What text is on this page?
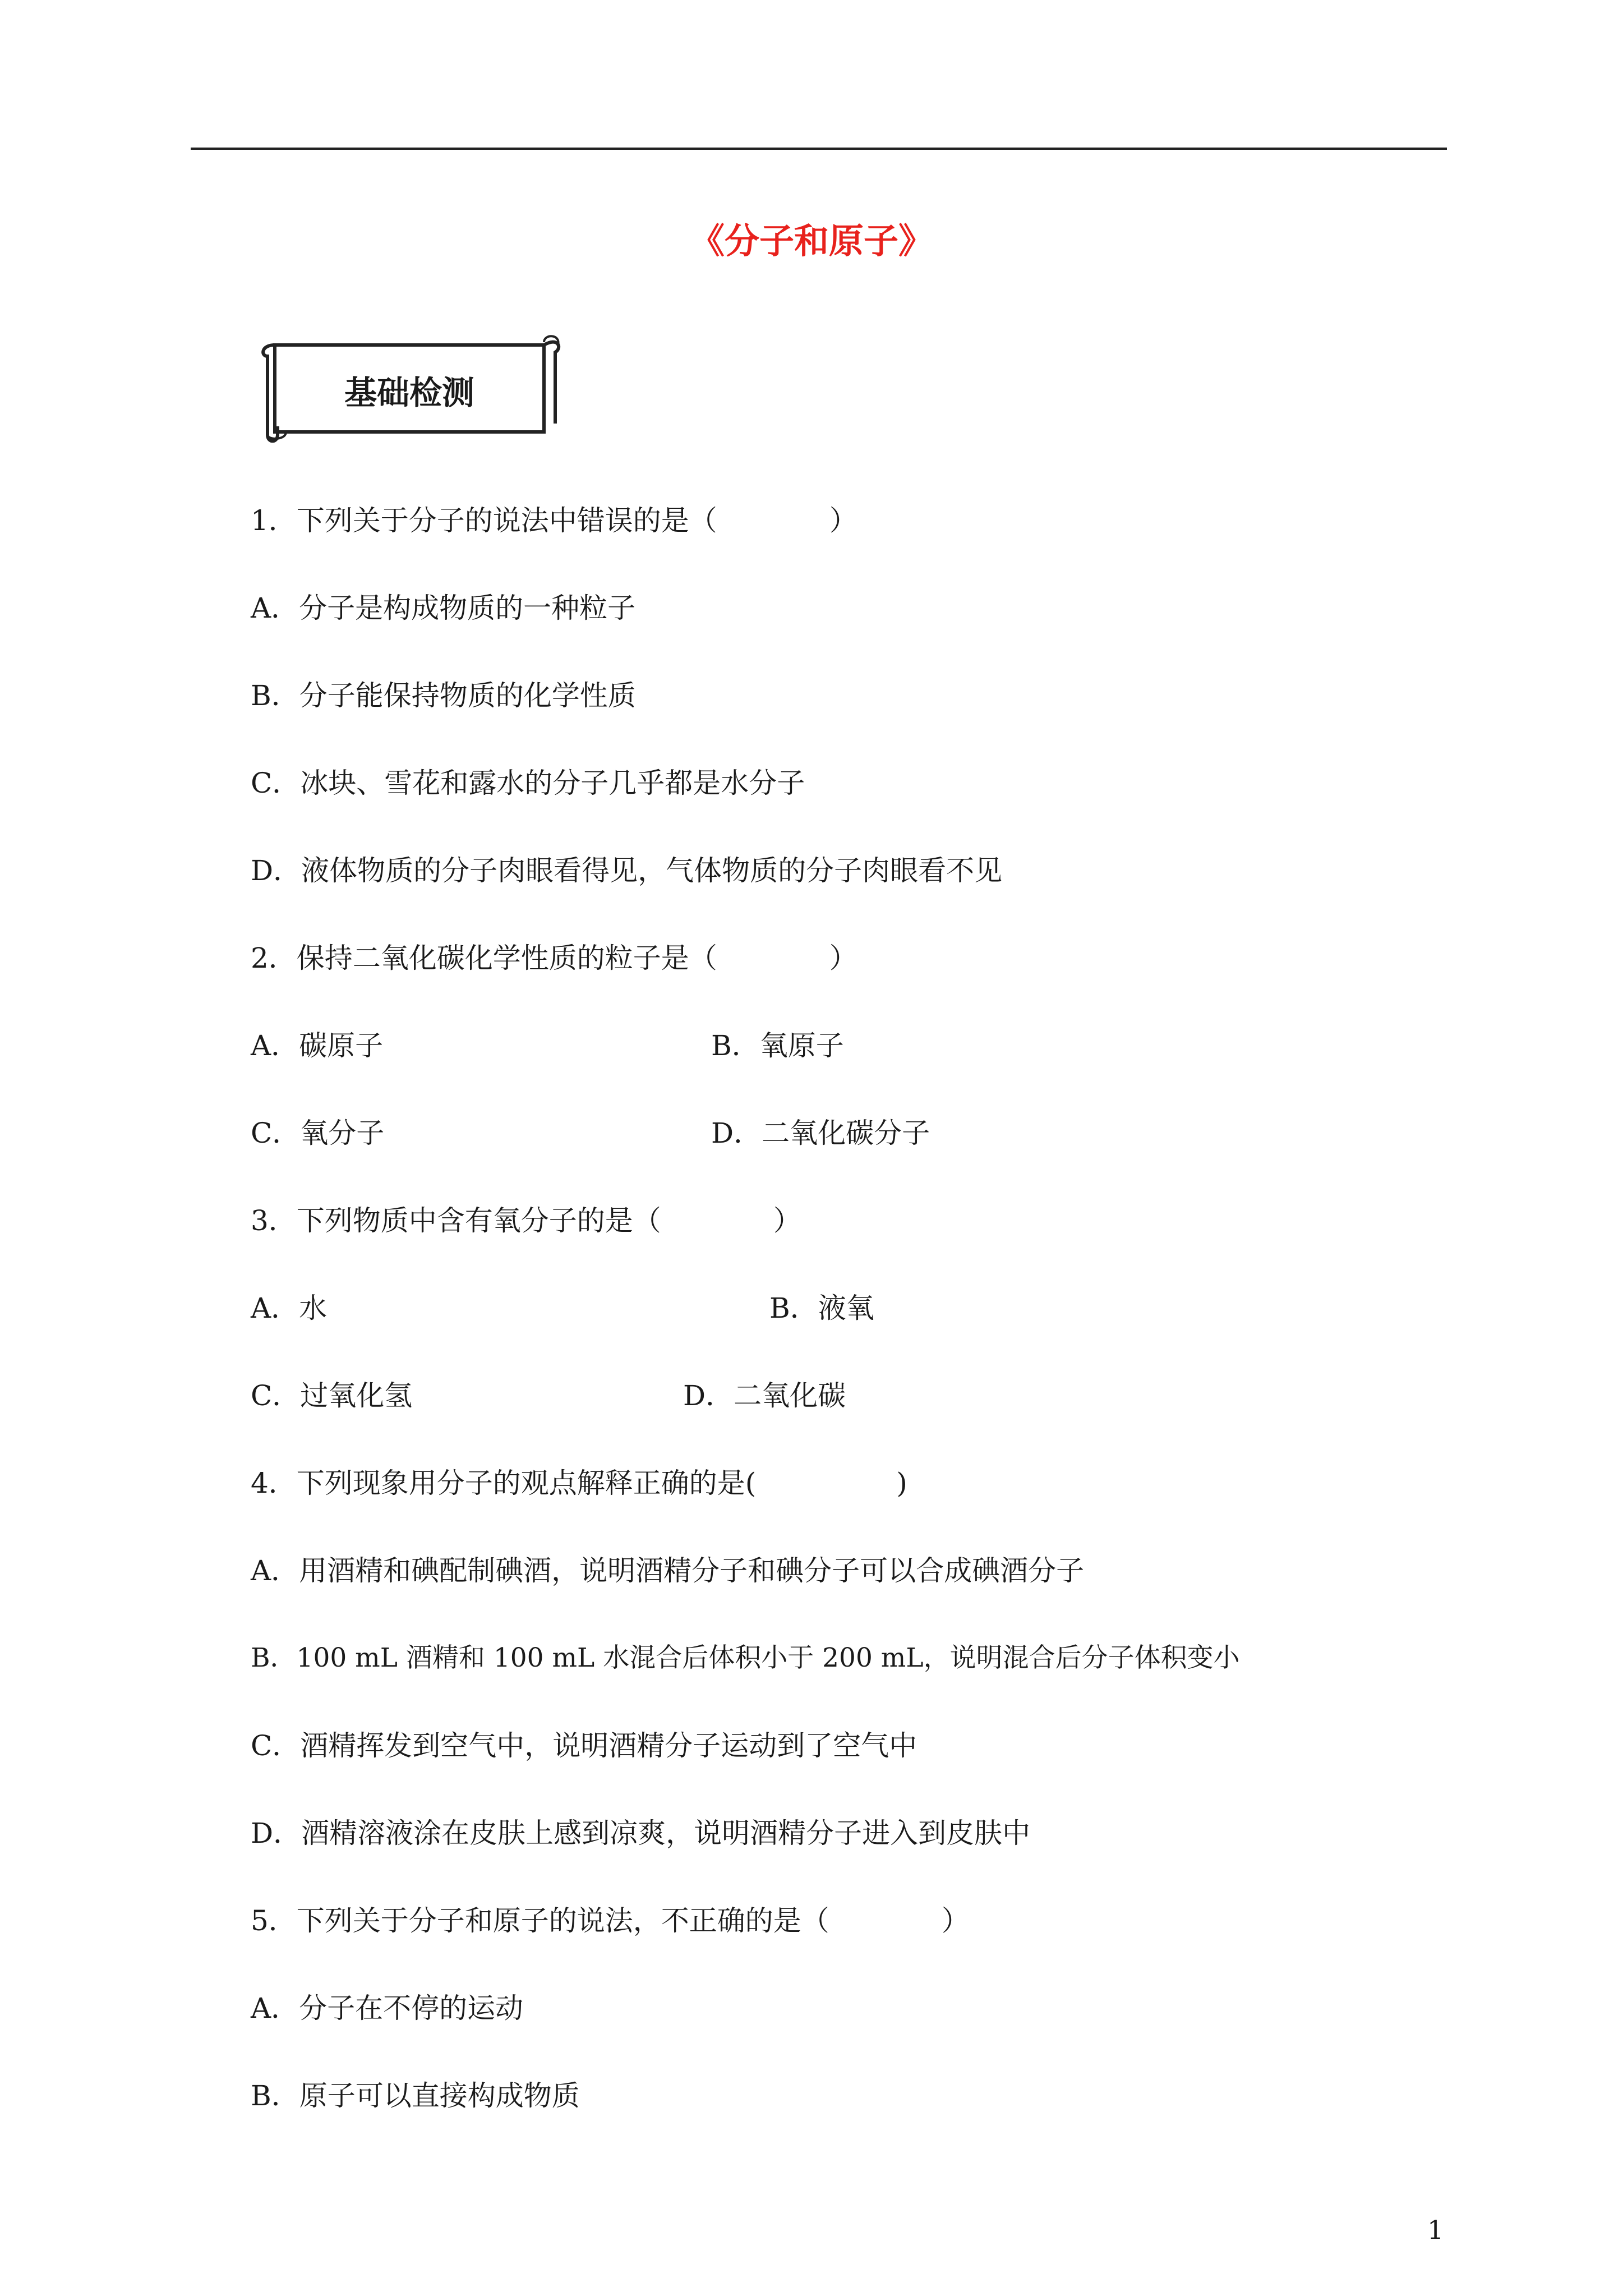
《分子和原子》
基础检测
1．下列关于分子的说法中错误的是（　　　　）
A．分子是构成物质的一种粒子
B．分子能保持物质的化学性质
C．冰块、雪花和露水的分子几乎都是水分子
D．液体物质的分子肉眼看得见，气体物质的分子肉眼看不见
2．保持二氧化碳化学性质的粒子是（　　　　）
A．碳原子	B．氧原子
C．氧分子	D．二氧化碳分子
3．下列物质中含有氧分子的是（　　　　）
A．水	B．液氧
C．过氧化氢	D．二氧化碳
4．下列现象用分子的观点解释正确的是(　　　　　)
A．用酒精和碘配制碘酒，说明酒精分子和碘分子可以合成碘酒分子
B．100 mL 酒精和 100 mL 水混合后体积小于 200 mL，说明混合后分子体积变小
C．酒精挥发到空气中，说明酒精分子运动到了空气中
D．酒精溶液涂在皮肤上感到凉爽，说明酒精分子进入到皮肤中
5．下列关于分子和原子的说法，不正确的是（　　　　）
A．分子在不停的运动
B．原子可以直接构成物质
1
